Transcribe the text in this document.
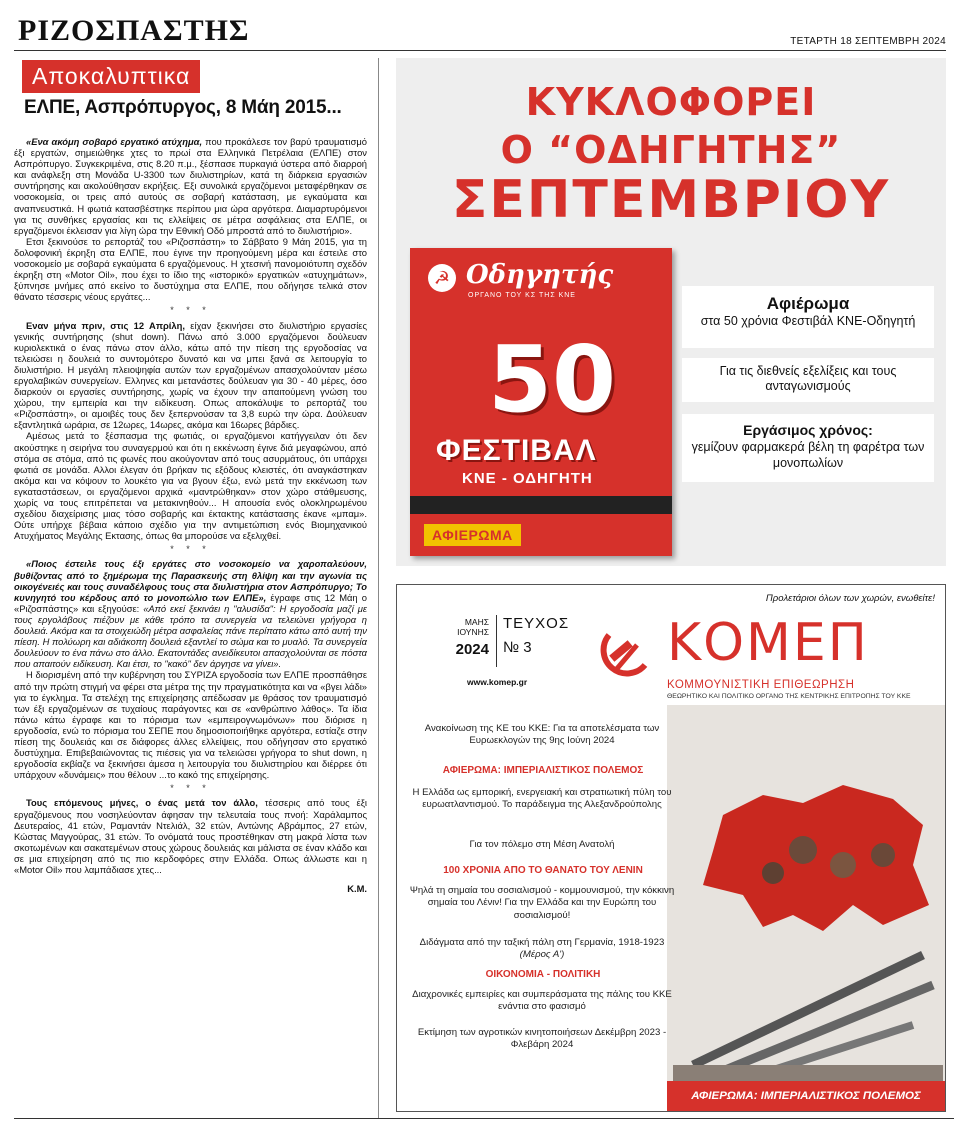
ΡΙΖΟΣΠΑΣΤΗΣ	ΤΕΤΑΡΤΗ 18 ΣΕΠΤΕΜΒΡΗ 2024
Αποκαλυπτικα
ΕΛΠΕ, Ασπρόπυργος, 8 Μάη 2015...

«Ενα ακόμη σοβαρό εργατικό ατύχημα, που προκάλεσε τον βαρύ τραυματισμό έξι εργατών, σημειώθηκε χτες το πρωί στα Ελληνικά Πετρέλαια (ΕΛΠΕ) στον Ασπρόπυργο. Συγκεκριμένα, στις 8.20 π.μ., ξέσπασε πυρκαγιά ύστερα από διαρροή και ανάφλεξη στη Μονάδα U-3300 των διυλιστηρίων, κατά τη διάρκεια εργασιών συντήρησης και ακολούθησαν εκρήξεις. Εξι συνολικά εργαζόμενοι μεταφέρθηκαν σε νοσοκομεία, οι τρεις από αυτούς σε σοβαρή κατάσταση, με εγκαύματα και αναπνευστικά. Η φωτιά κατασβέστηκε περίπου μια ώρα αργότερα. Διαμαρτυρόμενοι για τις συνθήκες εργασίας και τις ελλείψεις σε μέτρα ασφάλειας στα ΕΛΠΕ, οι εργαζόμενοι έκλεισαν για λίγη ώρα την Εθνική Οδό μπροστά από το διυλιστήριο».

Ετσι ξεκινούσε το ρεπορτάζ του «Ριζοσπάστη» το Σάββατο 9 Μάη 2015, για τη δολοφονική έκρηξη στα ΕΛΠΕ, που έγινε την προηγούμενη μέρα και έστειλε στο νοσοκομείο με σοβαρά εγκαύματα 6 εργαζόμενους. Η χτεσινή πανομοιότυπη σχεδόν έκρηξη στη «Motor Oil», που έχει το ίδιο της «ιστορικό» εργατικών «ατυχημάτων», ξύπνησε μνήμες από εκείνο το δυστύχημα στα ΕΛΠΕ, που οδήγησε τελικά στον θάνατο τέσσερις νέους εργάτες...

* * *

Εναν μήνα πριν, στις 12 Απρίλη, είχαν ξεκινήσει στο διυλιστήριο εργασίες γενικής συντήρησης (shut down). Πάνω από 3.000 εργαζόμενοι δούλευαν κυριολεκτικά ο ένας πάνω στον άλλο, κάτω από την πίεση της εργοδοσίας να τελειώσει η δουλειά το συντομότερο δυνατό και να μπει ξανά σε λειτουργία το διυλιστήριο. Η μεγάλη πλειοψηφία αυτών των εργαζομένων απασχολούνταν μέσω εργολαβικών συνεργείων. Ελληνες και μετανάστες δούλευαν για 30 - 40 μέρες, όσο διαρκούν οι εργασίες συντήρησης, χωρίς να έχουν την απαιτούμενη γνώση του χώρου, την εμπειρία και την ειδίκευση. Οπως αποκάλυψε το ρεπορτάζ του «Ριζοσπάστη», οι αμοιβές τους δεν ξεπερνούσαν τα 3,8 ευρώ την ώρα. Δούλευαν εξαντλητικά ωράρια, σε 12ωρες, 14ωρες, ακόμα και 16ωρες βάρδιες.

Αμέσως μετά το ξέσπασμα της φωτιάς, οι εργαζόμενοι κατήγγειλαν ότι δεν ακούστηκε η σειρήνα του συναγερμού και ότι η εκκένωση έγινε διά μεγαφώνου, από στόμα σε στόμα, από τις φωνές που ακούγονταν από τους ασυρμάτους, ότι υπάρχει φωτιά σε μονάδα. Αλλοι έλεγαν ότι βρήκαν τις εξόδους κλειστές, ότι αναγκάστηκαν ακόμα και να κόψουν το λουκέτο για να βγουν έξω, ενώ μετά την εκκένωση των εγκαταστάσεων, οι εργαζόμενοι αρχικά «μαντρώθηκαν» στον χώρο στάθμευσης, χωρίς να τους επιτρέπεται να μετακινηθούν... Η απουσία ενός ολοκληρωμένου σχεδίου διαχείρισης μιας τόσο σοβαρής και έκτακτης κατάστασης έκανε «μπαμ». Ούτε υπήρχε βέβαια κάποιο σχέδιο για την αντιμετώπιση ενός Βιομηχανικού Ατυχήματος Μεγάλης Εκτασης, όπως θα μπορούσε να εξελιχθεί.

* * *

«Ποιος έστειλε τους έξι εργάτες στο νοσοκομείο να χαροπαλεύουν, βυθίζοντας από το ξημέρωμα της Παρασκευής στη θλίψη και την αγωνία τις οικογένειές και τους συναδέλφους τους στα διυλιστήρια στον Ασπρόπυργο; Το κυνηγητό του κέρδους από το μονοπώλιο των ΕΛΠΕ», έγραφε στις 12 Μάη ο «Ριζοσπάστης» και εξηγούσε: «Από εκεί ξεκινάει η "αλυσίδα": Η εργοδοσία μαζί με τους εργολάβους πιέζουν με κάθε τρόπο τα συνεργεία να τελειώνει γρήγορα η δουλειά. Ακόμα και τα στοιχειώδη μέτρα ασφαλείας πάνε περίπατο κάτω από αυτή την πίεση. Η πολύωρη και αδιάκοπη δουλειά εξαντλεί το σώμα και το μυαλό. Τα συνεργεία δουλεύουν το ένα πάνω στο άλλο. Εκατοντάδες ανειδίκευτοι απασχολούνται σε πόστα που απαιτούν ειδίκευση. Και έτσι, το "κακό" δεν άργησε να γίνει».

Η διορισμένη από την κυβέρνηση του ΣΥΡΙΖΑ εργοδοσία των ΕΛΠΕ προσπάθησε από την πρώτη στιγμή να φέρει στα μέτρα της την πραγματικότητα και να «βγει λάδι» για το έγκλημα. Τα στελέχη της επιχείρησης απέδωσαν με θράσος τον τραυματισμό των έξι εργαζομένων σε τυχαίους παράγοντες και σε «ανθρώπινο λάθος». Τα ίδια πάνω κάτω έγραφε και το πόρισμα των «εμπειρογνωμόνων» που διόρισε η εργοδοσία, ενώ το πόρισμα του ΣΕΠΕ που δημοσιοποιήθηκε αργότερα, εστίαζε στην πίεση της δουλειάς και σε διάφορες άλλες ελλείψεις, που οδήγησαν στο εργατικό δυστύχημα. Επιβεβαιώνοντας τις πιέσεις για να τελειώσει γρήγορα το shut down, η εργοδοσία εκβίαζε να ξεκινήσει άμεσα η λειτουργία του διυλιστηρίου και διέρρεε ότι υπάρχουν «δυνάμεις» που θέλουν ...το κακό της επιχείρησης.

* * *

Τους επόμενους μήνες, ο ένας μετά τον άλλο, τέσσερις από τους έξι εργαζόμενους που νοσηλεύονταν άφησαν την τελευταία τους πνοή: Χαράλαμπος Δευτεραίος, 41 ετών, Ραμαντάν Ντελιάλ, 32 ετών, Αντώνης Αβράμπος, 27 ετών, Κώστας Μαγγούρας, 31 ετών. Το ονόματά τους προστέθηκαν στη μακρά λίστα των σκοτωμένων και σακατεμένων στους χώρους δουλειάς και μάλιστα σε έναν κλάδο και σε μια επιχείρηση από τις πιο κερδοφόρες στην Ελλάδα. Οπως άλλωστε και η «Motor Oil» που λαμπάδιασε χτες...

Κ.Μ.
ΚΥΚΛΟΦΟΡΕΙ
Ο “ΟΔΗΓΗΤΗΣ”
ΣΕΠΤΕΜΒΡΙΟΥ
☭ Οδηγητής
ΟΡΓΑΝΟ ΤΟΥ ΚΣ ΤΗΣ ΚΝΕ
50
ΦΕΣΤΙΒΑΛ
ΚΝΕ - ΟΔΗΓΗΤΗ
ΑΦΙΕΡΩΜΑ
Αφιέρωμα
στα 50 χρόνια Φεστιβάλ ΚΝΕ-Οδηγητή
Για τις διεθνείς εξελίξεις και τους ανταγωνισμούς
Εργάσιμος χρόνος:
γεμίζουν φαρμακερά βέλη τη φαρέτρα των μονοπωλίων
Προλετάριοι όλων των χωρών, ενωθείτε!
ΜΑΗΣ ΙΟΥΝΗΣ
2024
ΤΕΥΧΟΣ
№ 3
www.komep.gr
ΚΟΜΕΠ
ΚΟΜΜΟΥΝΙΣΤΙΚΗ ΕΠΙΘΕΩΡΗΣΗ
ΘΕΩΡΗΤΙΚΟ ΚΑΙ ΠΟΛΙΤΙΚΟ ΟΡΓΑΝΟ ΤΗΣ ΚΕΝΤΡΙΚΗΣ ΕΠΙΤΡΟΠΗΣ ΤΟΥ ΚΚΕ
ΑΦΙΕΡΩΜΑ: ΙΜΠΕΡΙΑΛΙΣΤΙΚΟΣ ΠΟΛΕΜΟΣ
Ανακοίνωση της ΚΕ του ΚΚΕ: Για τα αποτελέσματα των Ευρωεκλογών της 9ης Ιούνη 2024
ΑΦΙΕΡΩΜΑ: ΙΜΠΕΡΙΑΛΙΣΤΙΚΟΣ ΠΟΛΕΜΟΣ
Η Ελλάδα ως εμπορική, ενεργειακή και στρατιωτική πύλη του ευρωατλαντισμού. Το παράδειγμα της Αλεξανδρούπολης
Για τον πόλεμο στη Μέση Ανατολή
100 ΧΡΟΝΙΑ ΑΠΟ ΤΟ ΘΑΝΑΤΟ ΤΟΥ ΛΕΝΙΝ
Ψηλά τη σημαία του σοσιαλισμού - κομμουνισμού, την κόκκινη σημαία του Λένιν! Για την Ελλάδα και την Ευρώπη του σοσιαλισμού!
Διδάγματα από την ταξική πάλη στη Γερμανία, 1918-1923 (Μέρος Α')
ΟΙΚΟΝΟΜΙΑ - ΠΟΛΙΤΙΚΗ
Διαχρονικές εμπειρίες και συμπεράσματα της πάλης του ΚΚΕ ενάντια στο φασισμό
Εκτίμηση των αγροτικών κινητοποιήσεων Δεκέμβρη 2023 - Φλεβάρη 2024
